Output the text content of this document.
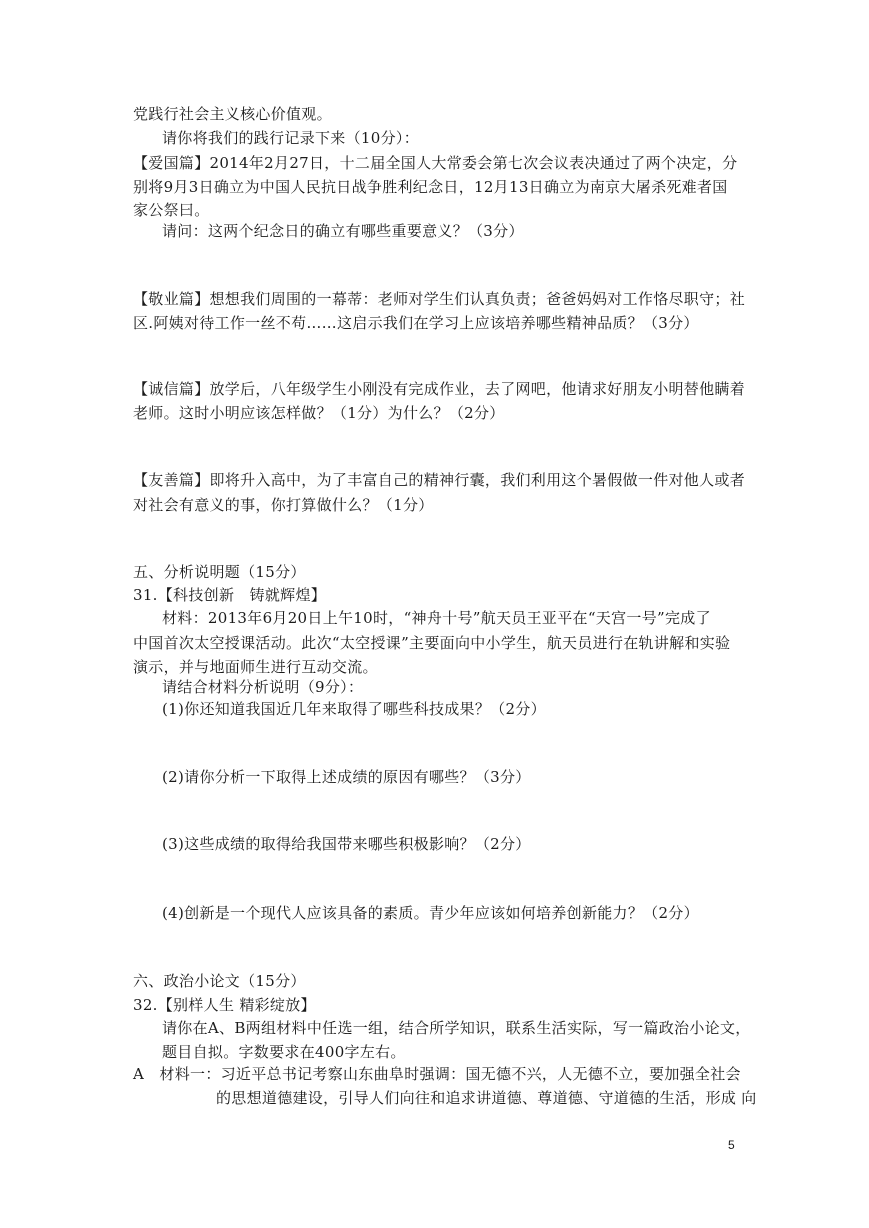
党践行社会主义核心价值观。
请你将我们的践行记录下来（10分）：
【爱国篇】2014年2月27日，十二届全国人大常委会第七次会议表决通过了两个决定，分
别将9月3日确立为中国人民抗日战争胜利纪念日，12月13日确立为南京大屠杀死难者国
家公祭曰。
请问：这两个纪念日的确立有哪些重要意义？（3分）
【敬业篇】想想我们周围的一幕蒂：老师对学生们认真负责；爸爸妈妈对工作恪尽职守；社
区.阿姨对待工作一丝不苟……这启示我们在学习上应该培养哪些精神品质？（3分）
【诚信篇】放学后，八年级学生小刚没有完成作业，去了网吧，他请求好朋友小明替他瞒着
老师。这时小明应该怎样做？（1分）为什么？（2分）
【友善篇】即将升入高中，为了丰富自己的精神行囊，我们利用这个暑假做一件对他人或者
对社会有意义的事，你打算做什么？（1分）
五、分析说明题（15分）
31.【科技创新　铸就辉煌】
材料：2013年6月20日上午10时，“神舟十号”航天员王亚平在“天宫一号”完成了
中国首次太空授课活动。此次“太空授课”主要面向中小学生，航天员进行在轨讲解和实验
演示，并与地面师生进行互动交流。
请结合材料分析说明（9分）：
(1)你还知道我国近几年来取得了哪些科技成果？（2分）
(2)请你分析一下取得上述成绩的原因有哪些？（3分）
(3)这些成绩的取得给我国带来哪些积极影响？（2分）
(4)创新是一个现代人应该具备的素质。青少年应该如何培养创新能力？（2分）
六、政治小论文（15分）
32.【别样人生 精彩绽放】
请你在A、B两组材料中任选一组，结合所学知识，联系生活实际，写一篇政治小论文，
题目自拟。字数要求在400字左右。
A　材料一：习近平总书记考察山东曲阜时强调：国无德不兴，人无德不立，要加强全社会
的思想道德建设，引导人们向往和追求讲道德、尊道德、守道德的生活，形成 向
5
